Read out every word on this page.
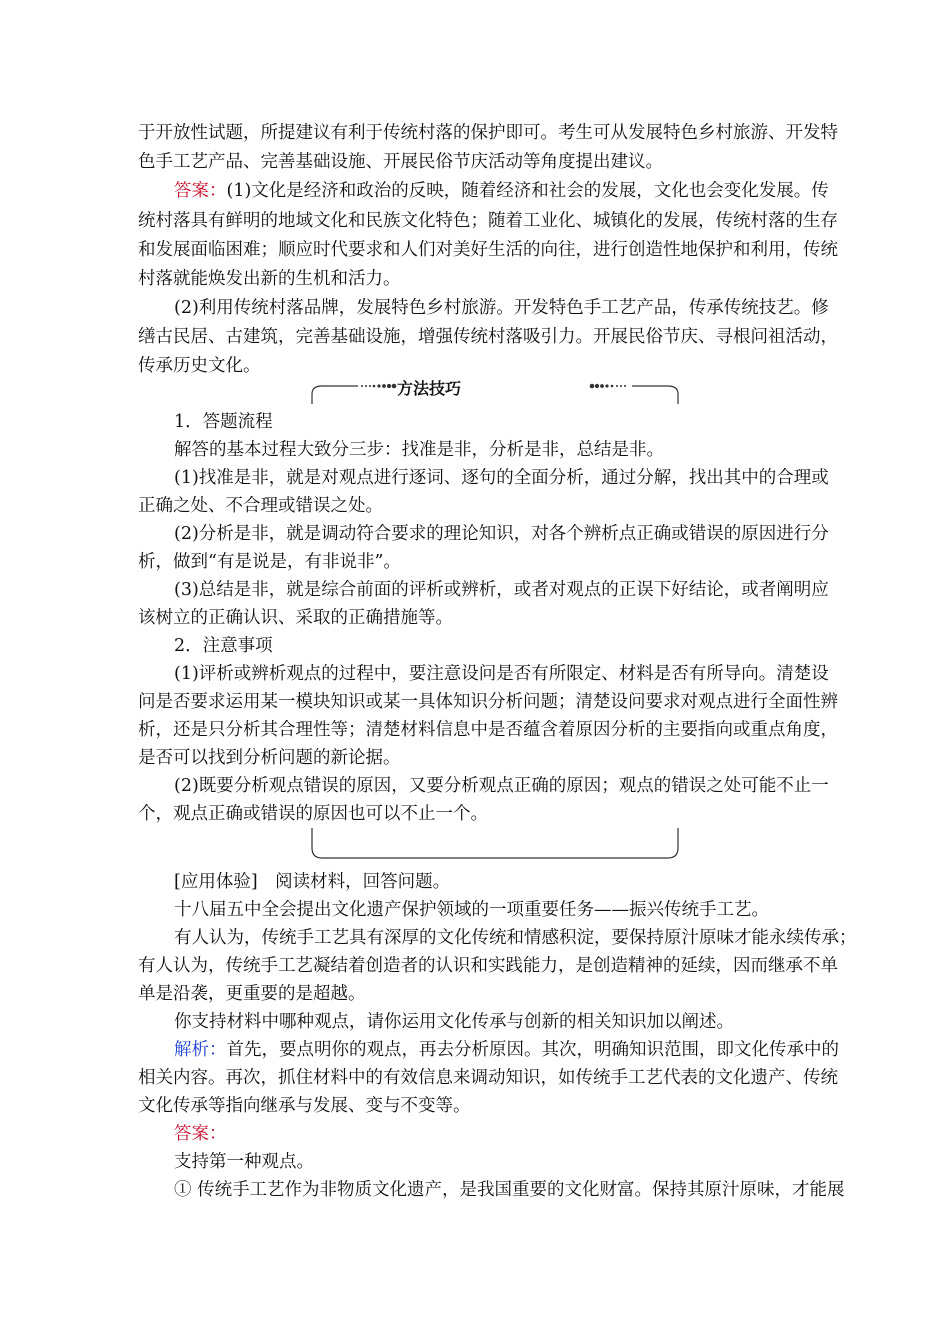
于开放性试题，所提建议有利于传统村落的保护即可。考生可从发展特色乡村旅游、开发特
色手工艺产品、完善基础设施、开展民俗节庆活动等角度提出建议。
答案：(1)文化是经济和政治的反映，随着经济和社会的发展，文化也会变化发展。传
统村落具有鲜明的地域文化和民族文化特色；随着工业化、城镇化的发展，传统村落的生存
和发展面临困难；顺应时代要求和人们对美好生活的向往，进行创造性地保护和利用，传统
村落就能焕发出新的生机和活力。
(2)利用传统村落品牌，发展特色乡村旅游。开发特色手工艺产品，传承传统技艺。修
缮古民居、古建筑，完善基础设施，增强传统村落吸引力。开展民俗节庆、寻根问祖活动，
传承历史文化。
方法技巧
1．答题流程
解答的基本过程大致分三步：找准是非，分析是非，总结是非。
(1)找准是非，就是对观点进行逐词、逐句的全面分析，通过分解，找出其中的合理或
正确之处、不合理或错误之处。
(2)分析是非，就是调动符合要求的理论知识，对各个辨析点正确或错误的原因进行分
析，做到“有是说是，有非说非”。
(3)总结是非，就是综合前面的评析或辨析，或者对观点的正误下好结论，或者阐明应
该树立的正确认识、采取的正确措施等。
2．注意事项
(1)评析或辨析观点的过程中，要注意设问是否有所限定、材料是否有所导向。清楚设
问是否要求运用某一模块知识或某一具体知识分析问题；清楚设问要求对观点进行全面性辨
析，还是只分析其合理性等；清楚材料信息中是否蕴含着原因分析的主要指向或重点角度，
是否可以找到分析问题的新论据。
(2)既要分析观点错误的原因，又要分析观点正确的原因；观点的错误之处可能不止一
个，观点正确或错误的原因也可以不止一个。
[应用体验]　阅读材料，回答问题。
十八届五中全会提出文化遗产保护领域的一项重要任务——振兴传统手工艺。
有人认为，传统手工艺具有深厚的文化传统和情感积淀，要保持原汁原味才能永续传承；
有人认为，传统手工艺凝结着创造者的认识和实践能力，是创造精神的延续，因而继承不单
单是沿袭，更重要的是超越。
你支持材料中哪种观点，请你运用文化传承与创新的相关知识加以阐述。
解析：首先，要点明你的观点，再去分析原因。其次，明确知识范围，即文化传承中的
相关内容。再次，抓住材料中的有效信息来调动知识，如传统手工艺代表的文化遗产、传统
文化传承等指向继承与发展、变与不变等。
答案：
支持第一种观点。
① 传统手工艺作为非物质文化遗产，是我国重要的文化财富。保持其原汁原味，才能展
